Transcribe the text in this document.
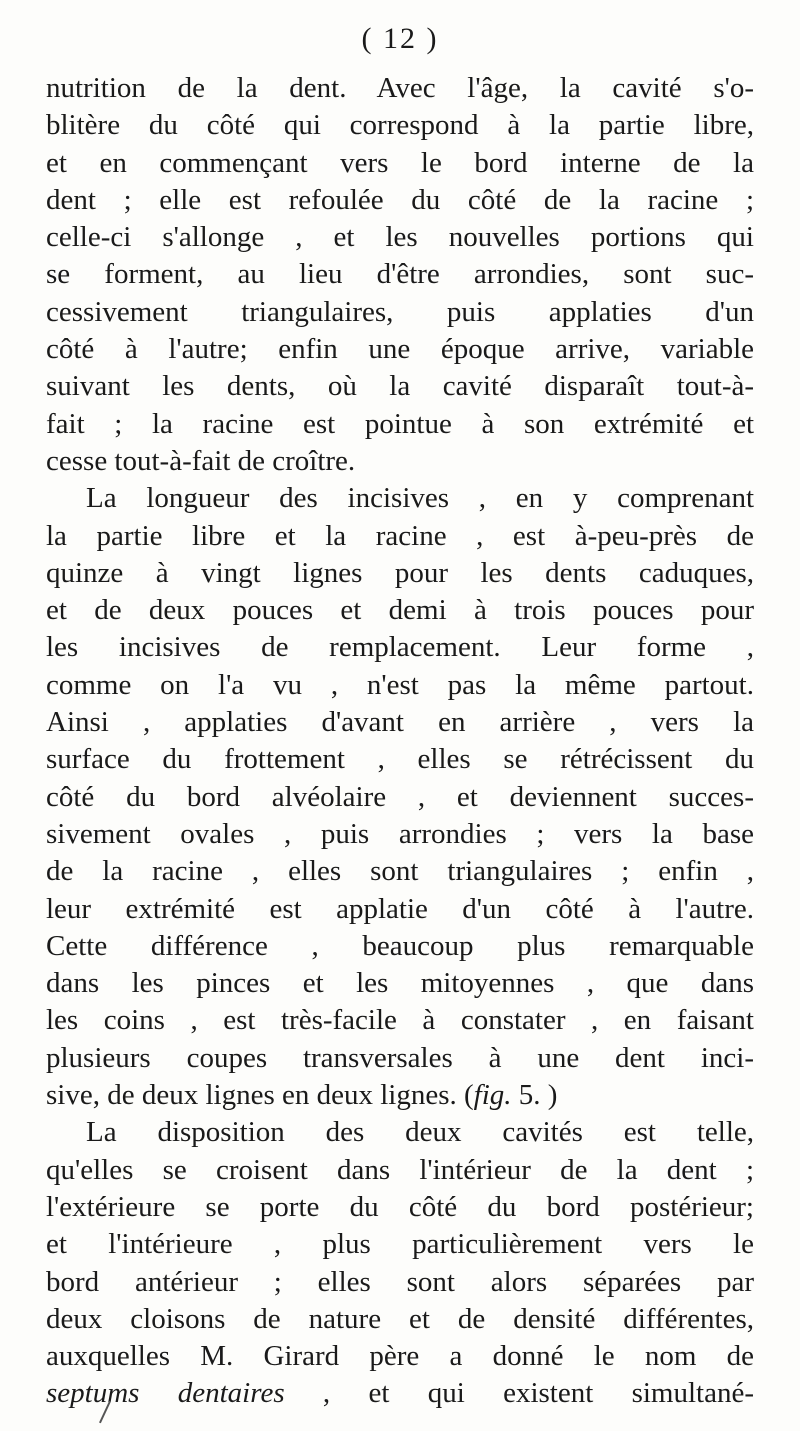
( 12 )
nutrition de la dent. Avec l'âge, la cavité s'o-
blitère du côté qui correspond à la partie libre,
et en commençant vers le bord interne de la
dent ; elle est refoulée du côté de la racine ;
celle-ci s'allonge , et les nouvelles portions qui
se forment, au lieu d'être arrondies, sont suc-
cessivement triangulaires, puis applaties d'un
côté à l'autre; enfin une époque arrive, variable
suivant les dents, où la cavité disparaît tout-à-
fait ; la racine est pointue à son extrémité et
cesse tout-à-fait de croître.
La longueur des incisives , en y comprenant
la partie libre et la racine , est à-peu-près de
quinze à vingt lignes pour les dents caduques,
et de deux pouces et demi à trois pouces pour
les incisives de remplacement. Leur forme ,
comme on l'a vu , n'est pas la même partout.
Ainsi , applaties d'avant en arrière , vers la
surface du frottement , elles se rétrécissent du
côté du bord alvéolaire , et deviennent succes-
sivement ovales , puis arrondies ; vers la base
de la racine , elles sont triangulaires ; enfin ,
leur extrémité est applatie d'un côté à l'autre.
Cette différence , beaucoup plus remarquable
dans les pinces et les mitoyennes , que dans
les coins , est très-facile à constater , en faisant
plusieurs coupes transversales à une dent inci-
sive, de deux lignes en deux lignes. (fig. 5. )
La disposition des deux cavités est telle,
qu'elles se croisent dans l'intérieur de la dent ;
l'extérieure se porte du côté du bord postérieur;
et l'intérieure , plus particulièrement vers le
bord antérieur ; elles sont alors séparées par
deux cloisons de nature et de densité différentes,
auxquelles M. Girard père a donné le nom de
septums dentaires , et qui existent simultané-
